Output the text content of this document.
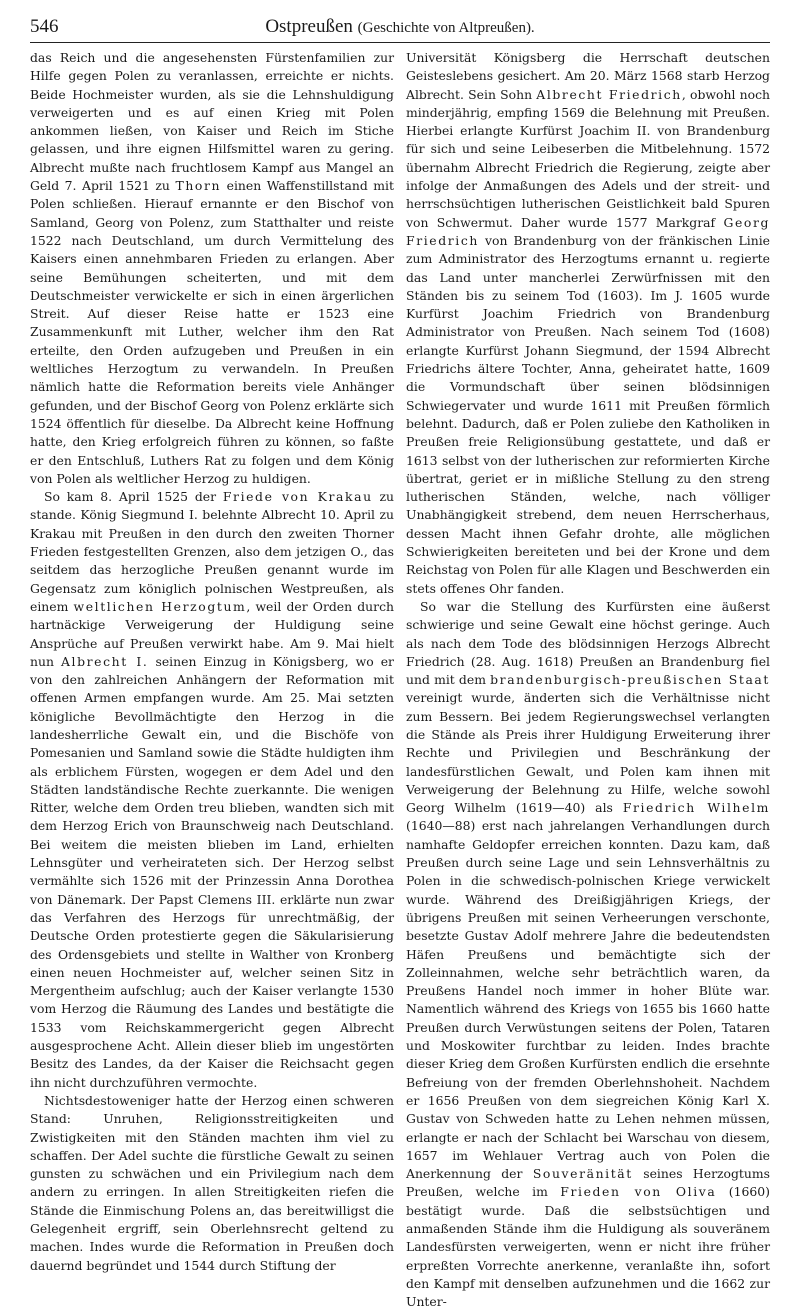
546	Ostpreußen (Geschichte von Altpreußen).

das Reich und die angesehensten Fürstenfamilien zur Hilfe gegen Polen zu veranlassen, erreichte er nichts. Beide Hochmeister wurden, als sie die Lehnshuldigung verweigerten und es auf einen Krieg mit Polen ankommen ließen, von Kaiser und Reich im Stiche gelassen, und ihre eignen Hilfsmittel waren zu gering. Albrecht mußte nach fruchtlosem Kampf aus Mangel an Geld 7. April 1521 zu Thorn einen Waffenstillstand mit Polen schließen. Hierauf ernannte er den Bischof von Samland, Georg von Polenz, zum Statthalter und reiste 1522 nach Deutschland, um durch Vermittelung des Kaisers einen annehmbaren Frieden zu erlangen. Aber seine Bemühungen scheiterten, und mit dem Deutschmeister verwickelte er sich in einen ärgerlichen Streit. Auf dieser Reise hatte er 1523 eine Zusammenkunft mit Luther, welcher ihm den Rat erteilte, den Orden aufzugeben und Preußen in ein weltliches Herzogtum zu verwandeln. In Preußen nämlich hatte die Reformation bereits viele Anhänger gefunden, und der Bischof Georg von Polenz erklärte sich 1524 öffentlich für dieselbe. Da Albrecht keine Hoffnung hatte, den Krieg erfolgreich führen zu können, so faßte er den Entschluß, Luthers Rat zu folgen und dem König von Polen als weltlicher Herzog zu huldigen.

So kam 8. April 1525 der Friede von Krakau zu stande. König Siegmund I. belehnte Albrecht 10. April zu Krakau mit Preußen in den durch den zweiten Thorner Frieden festgestellten Grenzen, also dem jetzigen O., das seitdem das herzogliche Preußen genannt wurde im Gegensatz zum königlich polnischen Westpreußen, als einem weltlichen Herzogtum, weil der Orden durch hartnäckige Verweigerung der Huldigung seine Ansprüche auf Preußen verwirkt habe. Am 9. Mai hielt nun Albrecht I. seinen Einzug in Königsberg, wo er von den zahlreichen Anhängern der Reformation mit offenen Armen empfangen wurde. Am 25. Mai setzten königliche Bevollmächtigte den Herzog in die landesherrliche Gewalt ein, und die Bischöfe von Pomesanien und Samland sowie die Städte huldigten ihm als erblichem Fürsten, wogegen er dem Adel und den Städten landständische Rechte zuerkannte. Die wenigen Ritter, welche dem Orden treu blieben, wandten sich mit dem Herzog Erich von Braunschweig nach Deutschland. Bei weitem die meisten blieben im Land, erhielten Lehnsgüter und verheirateten sich. Der Herzog selbst vermählte sich 1526 mit der Prinzessin Anna Dorothea von Dänemark. Der Papst Clemens III. erklärte nun zwar das Verfahren des Herzogs für unrechtmäßig, der Deutsche Orden protestierte gegen die Säkularisierung des Ordensgebiets und stellte in Walther von Kronberg einen neuen Hochmeister auf, welcher seinen Sitz in Mergentheim aufschlug; auch der Kaiser verlangte 1530 vom Herzog die Räumung des Landes und bestätigte die 1533 vom Reichskammergericht gegen Albrecht ausgesprochene Acht. Allein dieser blieb im ungestörten Besitz des Landes, da der Kaiser die Reichsacht gegen ihn nicht durchzuführen vermochte.

Nichtsdestoweniger hatte der Herzog einen schweren Stand: Unruhen, Religionsstreitigkeiten und Zwistigkeiten mit den Ständen machten ihm viel zu schaffen. Der Adel suchte die fürstliche Gewalt zu seinen gunsten zu schwächen und ein Privilegium nach dem andern zu erringen. In allen Streitigkeiten riefen die Stände die Einmischung Polens an, das bereitwilligst die Gelegenheit ergriff, sein Oberlehnsrecht geltend zu machen. Indes wurde die Reformation in Preußen doch dauernd begründet und 1544 durch Stiftung der

Universität Königsberg die Herrschaft deutschen Geisteslebens gesichert. Am 20. März 1568 starb Herzog Albrecht. Sein Sohn Albrecht Friedrich, obwohl noch minderjährig, empfing 1569 die Belehnung mit Preußen. Hierbei erlangte Kurfürst Joachim II. von Brandenburg für sich und seine Leibeserben die Mitbelehnung. 1572 übernahm Albrecht Friedrich die Regierung, zeigte aber infolge der Anmaßungen des Adels und der streit- und herrschsüchtigen lutherischen Geistlichkeit bald Spuren von Schwermut. Daher wurde 1577 Markgraf Georg Friedrich von Brandenburg von der fränkischen Linie zum Administrator des Herzogtums ernannt u. regierte das Land unter mancherlei Zerwürfnissen mit den Ständen bis zu seinem Tod (1603). Im J. 1605 wurde Kurfürst Joachim Friedrich von Brandenburg Administrator von Preußen. Nach seinem Tod (1608) erlangte Kurfürst Johann Siegmund, der 1594 Albrecht Friedrichs ältere Tochter, Anna, geheiratet hatte, 1609 die Vormundschaft über seinen blödsinnigen Schwiegervater und wurde 1611 mit Preußen förmlich belehnt. Dadurch, daß er Polen zuliebe den Katholiken in Preußen freie Religionsübung gestattete, und daß er 1613 selbst von der lutherischen zur reformierten Kirche übertrat, geriet er in mißliche Stellung zu den streng lutherischen Ständen, welche, nach völliger Unabhängigkeit strebend, dem neuen Herrscherhaus, dessen Macht ihnen Gefahr drohte, alle möglichen Schwierigkeiten bereiteten und bei der Krone und dem Reichstag von Polen für alle Klagen und Beschwerden ein stets offenes Ohr fanden.

So war die Stellung des Kurfürsten eine äußerst schwierige und seine Gewalt eine höchst geringe. Auch als nach dem Tode des blödsinnigen Herzogs Albrecht Friedrich (28. Aug. 1618) Preußen an Brandenburg fiel und mit dem brandenburgisch-preußischen Staat vereinigt wurde, änderten sich die Verhältnisse nicht zum Bessern. Bei jedem Regierungswechsel verlangten die Stände als Preis ihrer Huldigung Erweiterung ihrer Rechte und Privilegien und Beschränkung der landesfürstlichen Gewalt, und Polen kam ihnen mit Verweigerung der Belehnung zu Hilfe, welche sowohl Georg Wilhelm (1619—40) als Friedrich Wilhelm (1640—88) erst nach jahrelangen Verhandlungen durch namhafte Geldopfer erreichen konnten. Dazu kam, daß Preußen durch seine Lage und sein Lehnsverhältnis zu Polen in die schwedisch-polnischen Kriege verwickelt wurde. Während des Dreißigjährigen Kriegs, der übrigens Preußen mit seinen Verheerungen verschonte, besetzte Gustav Adolf mehrere Jahre die bedeutendsten Häfen Preußens und bemächtigte sich der Zolleinnahmen, welche sehr beträchtlich waren, da Preußens Handel noch immer in hoher Blüte war. Namentlich während des Kriegs von 1655 bis 1660 hatte Preußen durch Verwüstungen seitens der Polen, Tataren und Moskowiter furchtbar zu leiden. Indes brachte dieser Krieg dem Großen Kurfürsten endlich die ersehnte Befreiung von der fremden Oberlehnshoheit. Nachdem er 1656 Preußen von dem siegreichen König Karl X. Gustav von Schweden hatte zu Lehen nehmen müssen, erlangte er nach der Schlacht bei Warschau von diesem, 1657 im Wehlauer Vertrag auch von Polen die Anerkennung der Souveränität seines Herzogtums Preußen, welche im Frieden von Oliva (1660) bestätigt wurde. Daß die selbstsüchtigen und anmaßenden Stände ihm die Huldigung als souveränem Landesfürsten verweigerten, wenn er nicht ihre früher erpreßten Vorrechte anerkenne, veranlaßte ihn, sofort den Kampf mit denselben aufzunehmen und die 1662 zur Unter-
